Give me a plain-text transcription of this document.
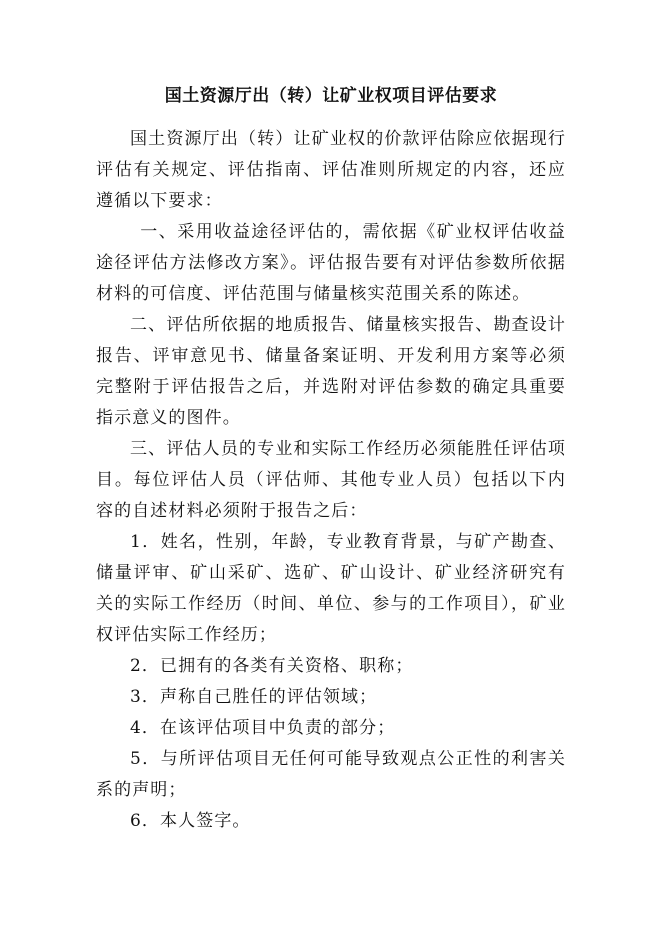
国土资源厅出（转）让矿业权项目评估要求

国土资源厅出（转）让矿业权的价款评估除应依据现行评估有关规定、评估指南、评估准则所规定的内容，还应遵循以下要求：

一、采用收益途径评估的，需依据《矿业权评估收益途径评估方法修改方案》。评估报告要有对评估参数所依据材料的可信度、评估范围与储量核实范围关系的陈述。

二、评估所依据的地质报告、储量核实报告、勘查设计报告、评审意见书、储量备案证明、开发利用方案等必须完整附于评估报告之后，并选附对评估参数的确定具重要指示意义的图件。

三、评估人员的专业和实际工作经历必须能胜任评估项目。每位评估人员（评估师、其他专业人员）包括以下内容的自述材料必须附于报告之后：

1．姓名，性别，年龄，专业教育背景，与矿产勘查、储量评审、矿山采矿、选矿、矿山设计、矿业经济研究有关的实际工作经历（时间、单位、参与的工作项目），矿业权评估实际工作经历；

2．已拥有的各类有关资格、职称；

3．声称自己胜任的评估领域；

4．在该评估项目中负责的部分；

5．与所评估项目无任何可能导致观点公正性的利害关系的声明；

6．本人签字。
